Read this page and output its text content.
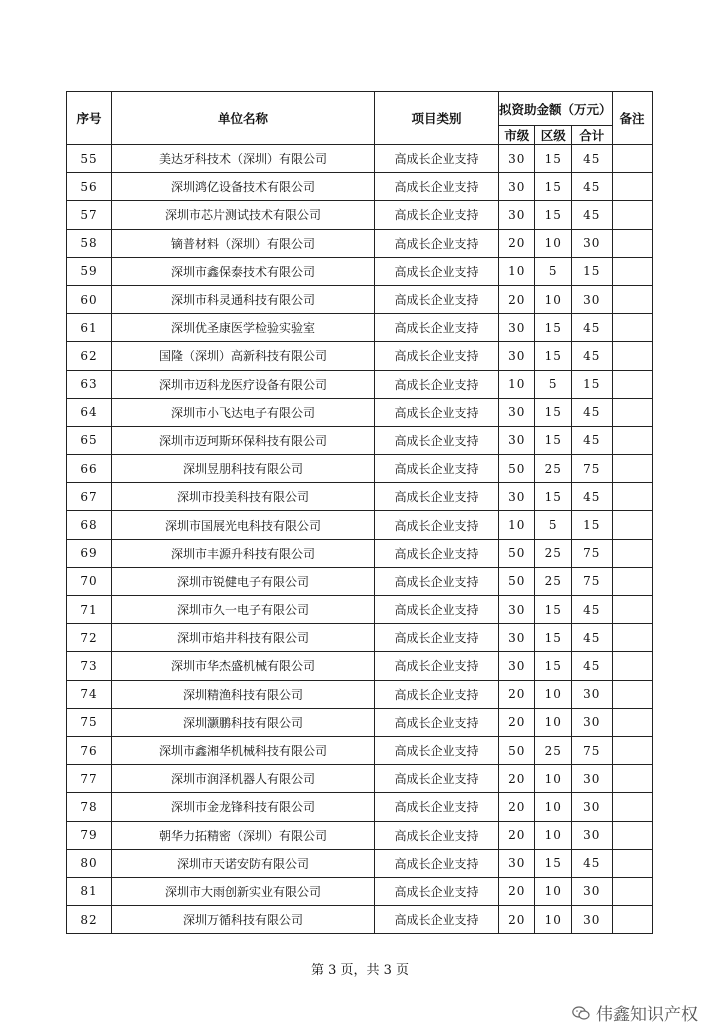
序号	单位名称	项目类别	拟资助金额（万元）			备注
			市级	区级	合计	
55	美达牙科技术（深圳）有限公司	高成长企业支持	30	15	45	
56	深圳鸿亿设备技术有限公司	高成长企业支持	30	15	45	
57	深圳市芯片测试技术有限公司	高成长企业支持	30	15	45	
58	镝普材料（深圳）有限公司	高成长企业支持	20	10	30	
59	深圳市鑫保泰技术有限公司	高成长企业支持	10	5	15	
60	深圳市科灵通科技有限公司	高成长企业支持	20	10	30	
61	深圳优圣康医学检验实验室	高成长企业支持	30	15	45	
62	国隆（深圳）高新科技有限公司	高成长企业支持	30	15	45	
63	深圳市迈科龙医疗设备有限公司	高成长企业支持	10	5	15	
64	深圳市小飞达电子有限公司	高成长企业支持	30	15	45	
65	深圳市迈珂斯环保科技有限公司	高成长企业支持	30	15	45	
66	深圳昱朋科技有限公司	高成长企业支持	50	25	75	
67	深圳市投美科技有限公司	高成长企业支持	30	15	45	
68	深圳市国展光电科技有限公司	高成长企业支持	10	5	15	
69	深圳市丰源升科技有限公司	高成长企业支持	50	25	75	
70	深圳市锐健电子有限公司	高成长企业支持	50	25	75	
71	深圳市久一电子有限公司	高成长企业支持	30	15	45	
72	深圳市焰井科技有限公司	高成长企业支持	30	15	45	
73	深圳市华杰盛机械有限公司	高成长企业支持	30	15	45	
74	深圳精渔科技有限公司	高成长企业支持	20	10	30	
75	深圳灏鹏科技有限公司	高成长企业支持	20	10	30	
76	深圳市鑫湘华机械科技有限公司	高成长企业支持	50	25	75	
77	深圳市润泽机器人有限公司	高成长企业支持	20	10	30	
78	深圳市金龙锋科技有限公司	高成长企业支持	20	10	30	
79	朝华力拓精密（深圳）有限公司	高成长企业支持	20	10	30	
80	深圳市天诺安防有限公司	高成长企业支持	30	15	45	
81	深圳市大雨创新实业有限公司	高成长企业支持	20	10	30	
82	深圳万循科技有限公司	高成长企业支持	20	10	30	
第 3 页，共 3 页
伟鑫知识产权
